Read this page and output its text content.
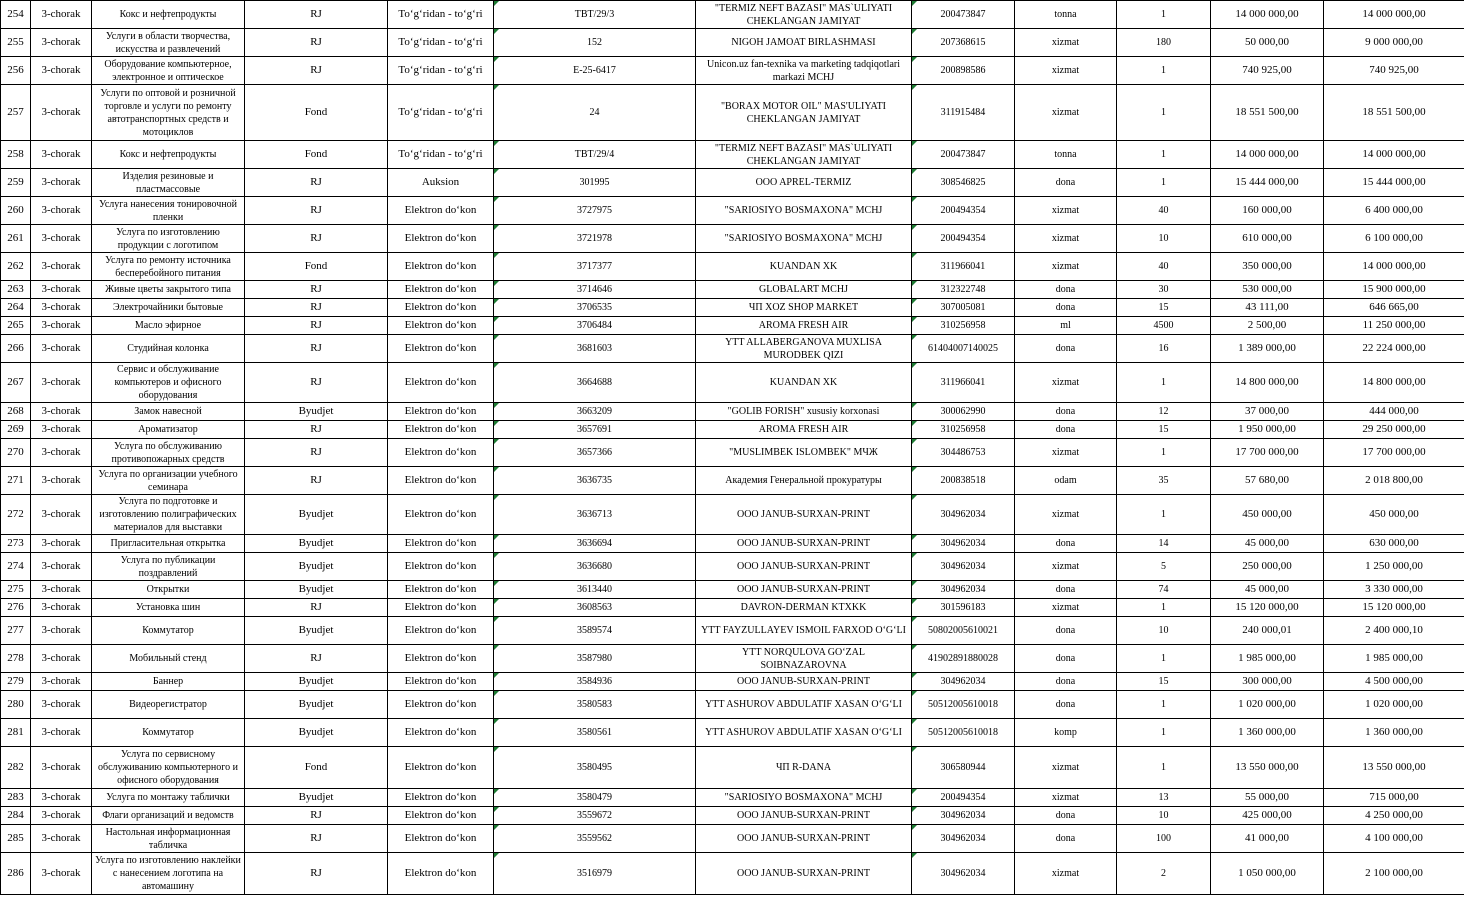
254	3-chorak	Кокс и нефтепродукты	RJ	To‘g‘ridan - to‘g‘ri	TBT/29/3	"TERMIZ NEFT BAZASI" MAS`ULIYATI CHEKLANGAN JAMIYAT	200473847	tonna	1	14 000 000,00	14 000 000,00
255	3-chorak	Услуги в области творчества, искусства и развлечений	RJ	To‘g‘ridan - to‘g‘ri	152	NIGOH JAMOAT BIRLASHMASI	207368615	xizmat	180	50 000,00	9 000 000,00
256	3-chorak	Оборудование компьютерное, электронное и оптическое	RJ	To‘g‘ridan - to‘g‘ri	E-25-6417	Unicon.uz fan-texnika va marketing tadqiqotlari markazi MCHJ	200898586	xizmat	1	740 925,00	740 925,00
257	3-chorak	Услуги по оптовой и розничной торговле и услуги по ремонту автотранспортных средств и мотоциклов	Fond	To‘g‘ridan - to‘g‘ri	24	"BORAX MOTOR OIL" MAS'ULIYATI CHEKLANGAN JAMIYAT	311915484	xizmat	1	18 551 500,00	18 551 500,00
258	3-chorak	Кокс и нефтепродукты	Fond	To‘g‘ridan - to‘g‘ri	TBT/29/4	"TERMIZ NEFT BAZASI" MAS`ULIYATI CHEKLANGAN JAMIYAT	200473847	tonna	1	14 000 000,00	14 000 000,00
259	3-chorak	Изделия резиновые и пластмассовые	RJ	Auksion	301995	OOO APREL-TERMIZ	308546825	dona	1	15 444 000,00	15 444 000,00
260	3-chorak	Услуга нанесения тонировочной пленки	RJ	Elektron do‘kon	3727975	"SARIOSIYO BOSMAXONA" MCHJ	200494354	xizmat	40	160 000,00	6 400 000,00
261	3-chorak	Услуга по изготовлению продукции с логотипом	RJ	Elektron do‘kon	3721978	"SARIOSIYO BOSMAXONA" MCHJ	200494354	xizmat	10	610 000,00	6 100 000,00
262	3-chorak	Услуга по ремонту источника бесперебойного питания	Fond	Elektron do‘kon	3717377	KUANDAN XK	311966041	xizmat	40	350 000,00	14 000 000,00
263	3-chorak	Живые цветы закрытого типа	RJ	Elektron do‘kon	3714646	GLOBALART MCHJ	312322748	dona	30	530 000,00	15 900 000,00
264	3-chorak	Электрочайники бытовые	RJ	Elektron do‘kon	3706535	ЧП XOZ SHOP MARKET	307005081	dona	15	43 111,00	646 665,00
265	3-chorak	Масло эфирное	RJ	Elektron do‘kon	3706484	AROMA FRESH AIR	310256958	ml	4500	2 500,00	11 250 000,00
266	3-chorak	Студийная колонка	RJ	Elektron do‘kon	3681603	YTT ALLABERGANOVA MUXLISA MURODBEK QIZI	61404007140025	dona	16	1 389 000,00	22 224 000,00
267	3-chorak	Сервис и обслуживание компьютеров и офисного оборудования	RJ	Elektron do‘kon	3664688	KUANDAN XK	311966041	xizmat	1	14 800 000,00	14 800 000,00
268	3-chorak	Замок навесной	Byudjet	Elektron do‘kon	3663209	"GOLIB FORISH" xususiy korxonasi	300062990	dona	12	37 000,00	444 000,00
269	3-chorak	Ароматизатор	RJ	Elektron do‘kon	3657691	AROMA FRESH AIR	310256958	dona	15	1 950 000,00	29 250 000,00
270	3-chorak	Услуга по обслуживанию противопожарных средств	RJ	Elektron do‘kon	3657366	"MUSLIMBEK ISLOMBEK" МЧЖ	304486753	xizmat	1	17 700 000,00	17 700 000,00
271	3-chorak	Услуга по организации учебного семинара	RJ	Elektron do‘kon	3636735	Академия Генеральной прокуратуры	200838518	odam	35	57 680,00	2 018 800,00
272	3-chorak	Услуга по подготовке и изготовлению полиграфических материалов для выставки	Byudjet	Elektron do‘kon	3636713	OOO JANUB-SURXAN-PRINT	304962034	xizmat	1	450 000,00	450 000,00
273	3-chorak	Пригласительная открытка	Byudjet	Elektron do‘kon	3636694	OOO JANUB-SURXAN-PRINT	304962034	dona	14	45 000,00	630 000,00
274	3-chorak	Услуга по публикации поздравлений	Byudjet	Elektron do‘kon	3636680	OOO JANUB-SURXAN-PRINT	304962034	xizmat	5	250 000,00	1 250 000,00
275	3-chorak	Открытки	Byudjet	Elektron do‘kon	3613440	OOO JANUB-SURXAN-PRINT	304962034	dona	74	45 000,00	3 330 000,00
276	3-chorak	Установка шин	RJ	Elektron do‘kon	3608563	DAVRON-DERMAN KTXKK	301596183	xizmat	1	15 120 000,00	15 120 000,00
277	3-chorak	Коммутатор	Byudjet	Elektron do‘kon	3589574	YTT FAYZULLAYEV ISMOIL FARXOD O‘G‘LI	50802005610021	dona	10	240 000,01	2 400 000,10
278	3-chorak	Мобильный стенд	RJ	Elektron do‘kon	3587980	YTT NORQULOVA GO‘ZAL SOIBNAZAROVNA	41902891880028	dona	1	1 985 000,00	1 985 000,00
279	3-chorak	Баннер	Byudjet	Elektron do‘kon	3584936	OOO JANUB-SURXAN-PRINT	304962034	dona	15	300 000,00	4 500 000,00
280	3-chorak	Видеорегистратор	Byudjet	Elektron do‘kon	3580583	YTT ASHUROV ABDULATIF XASAN O‘G‘LI	50512005610018	dona	1	1 020 000,00	1 020 000,00
281	3-chorak	Коммутатор	Byudjet	Elektron do‘kon	3580561	YTT ASHUROV ABDULATIF XASAN O‘G‘LI	50512005610018	komp	1	1 360 000,00	1 360 000,00
282	3-chorak	Услуга по сервисному обслуживанию компьютерного и офисного оборудования	Fond	Elektron do‘kon	3580495	ЧП R-DANA	306580944	xizmat	1	13 550 000,00	13 550 000,00
283	3-chorak	Услуга по монтажу таблички	Byudjet	Elektron do‘kon	3580479	"SARIOSIYO BOSMAXONA" MCHJ	200494354	xizmat	13	55 000,00	715 000,00
284	3-chorak	Флаги организаций и ведомств	RJ	Elektron do‘kon	3559672	OOO JANUB-SURXAN-PRINT	304962034	dona	10	425 000,00	4 250 000,00
285	3-chorak	Настольная информационная табличка	RJ	Elektron do‘kon	3559562	OOO JANUB-SURXAN-PRINT	304962034	dona	100	41 000,00	4 100 000,00
286	3-chorak	Услуга по изготовлению наклейки с нанесением логотипа на автомашину	RJ	Elektron do‘kon	3516979	OOO JANUB-SURXAN-PRINT	304962034	xizmat	2	1 050 000,00	2 100 000,00
